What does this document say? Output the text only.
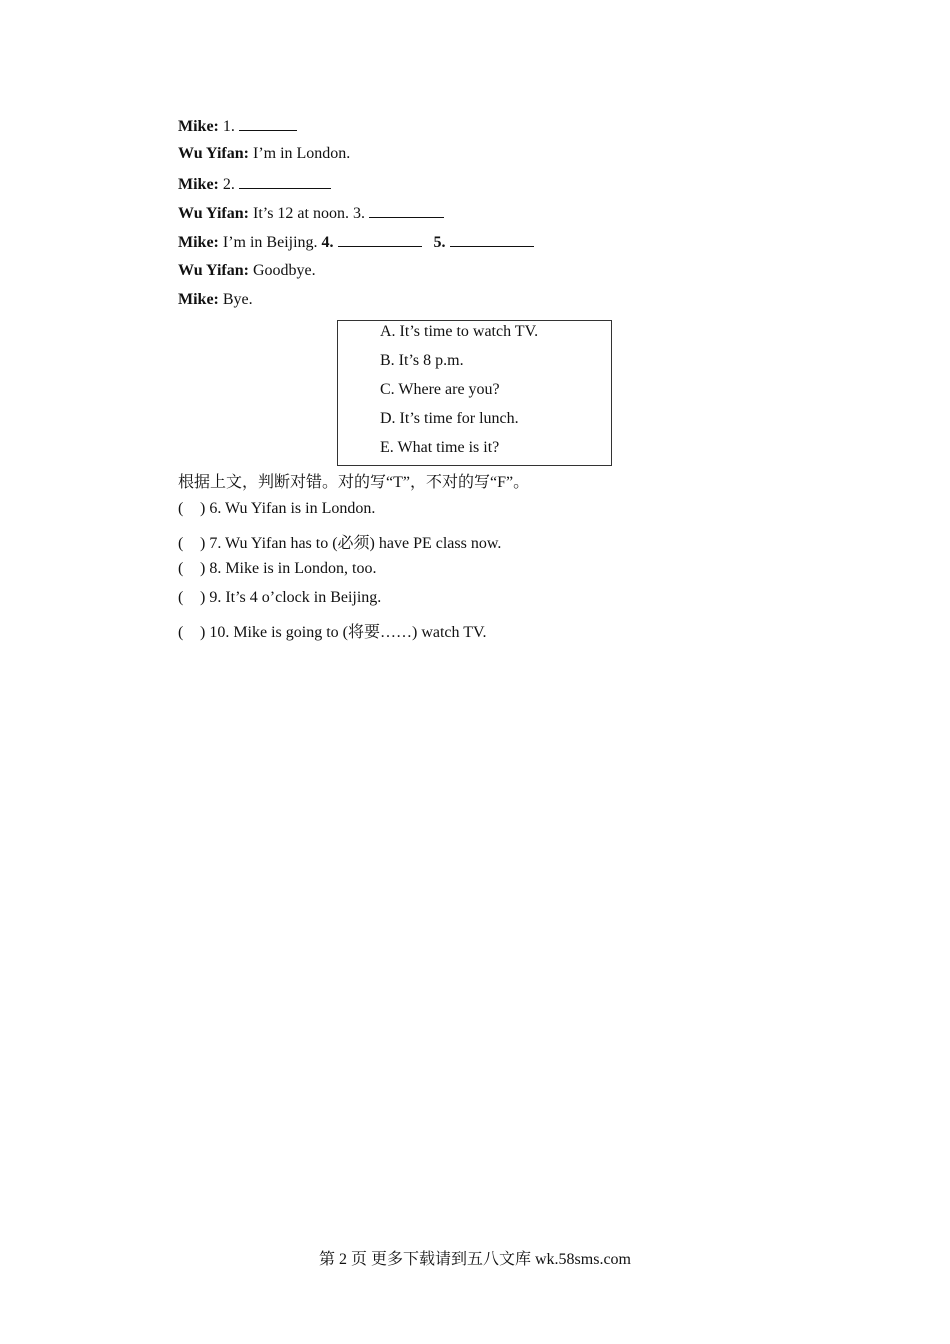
Mike: 1.
Wu Yifan: I’m in London.
Mike: 2.
Wu Yifan: It’s 12 at noon. 3.
Mike: I’m in Beijing. 4.	5.
Wu Yifan: Goodbye.
Mike: Bye.
A. It’s time to watch TV.
B. It’s 8 p.m.
C. Where are you?
D. It’s time for lunch.
E. What time is it?
根据上文，判断对错。对的写“T”，不对的写“F”。
( ) 6. Wu Yifan is in London.
( ) 7. Wu Yifan has to (必须) have PE class now.
( ) 8. Mike is in London, too.
( ) 9. It’s 4 o’clock in Beijing.
( ) 10. Mike is going to (将要……) watch TV.
第 2 页 更多下载请到五八文库 wk.58sms.com
